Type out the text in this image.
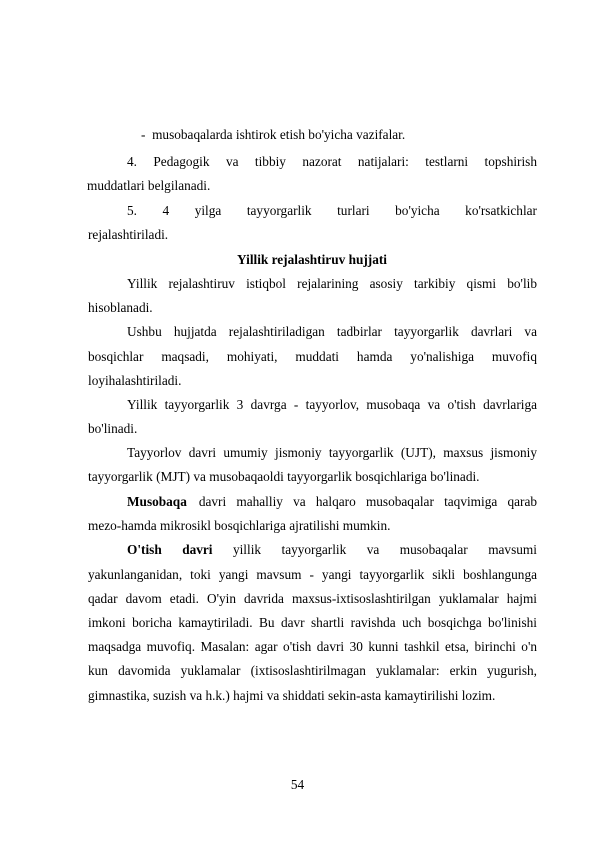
- musobaqalarda ishtirok etish bo'yicha vazifalar.
4. Pedagogik va tibbiy nazorat natijalari: testlarni topshirish
muddatlari belgilanadi.
5. 4 yilga tayyorgarlik turlari bo'yicha ko'rsatkichlar
rejalashtiriladi.
Yillik rejalashtiruv hujjati
Yillik rejalashtiruv istiqbol rejalarining asosiy tarkibiy qismi bo'lib
hisoblanadi.
Ushbu hujjatda rejalashtiriladigan tadbirlar tayyorgarlik davrlari va
bosqichlar maqsadi, mohiyati, muddati hamda yo'nalishiga muvofiq
loyihalashtiriladi.
Yillik tayyorgarlik 3 davrga - tayyorlov, musobaqa va o'tish davrlariga
bo'linadi.
Tayyorlov davri umumiy jismoniy tayyorgarlik (UJT), maxsus jismoniy
tayyorgarlik (MJT) va musobaqaoldi tayyorgarlik bosqichlariga bo'linadi.
Musobaqa davri mahalliy va halqaro musobaqalar taqvimiga qarab
mezo-hamda mikrosikl bosqichlariga ajratilishi mumkin.
O'tish davri yillik tayyorgarlik va musobaqalar mavsumi
yakunlanganidan, toki yangi mavsum - yangi tayyorgarlik sikli boshlangunga
qadar davom etadi. O'yin davrida maxsus-ixtisoslashtirilgan yuklamalar hajmi
imkoni boricha kamaytiriladi. Bu davr shartli ravishda uch bosqichga bo'linishi
maqsadga muvofiq. Masalan: agar o'tish davri 30 kunni tashkil etsa, birinchi o'n
kun davomida yuklamalar (ixtisoslashtirilmagan yuklamalar: erkin yugurish,
gimnastika, suzish va h.k.) hajmi va shiddati sekin-asta kamaytirilishi lozim.
54
